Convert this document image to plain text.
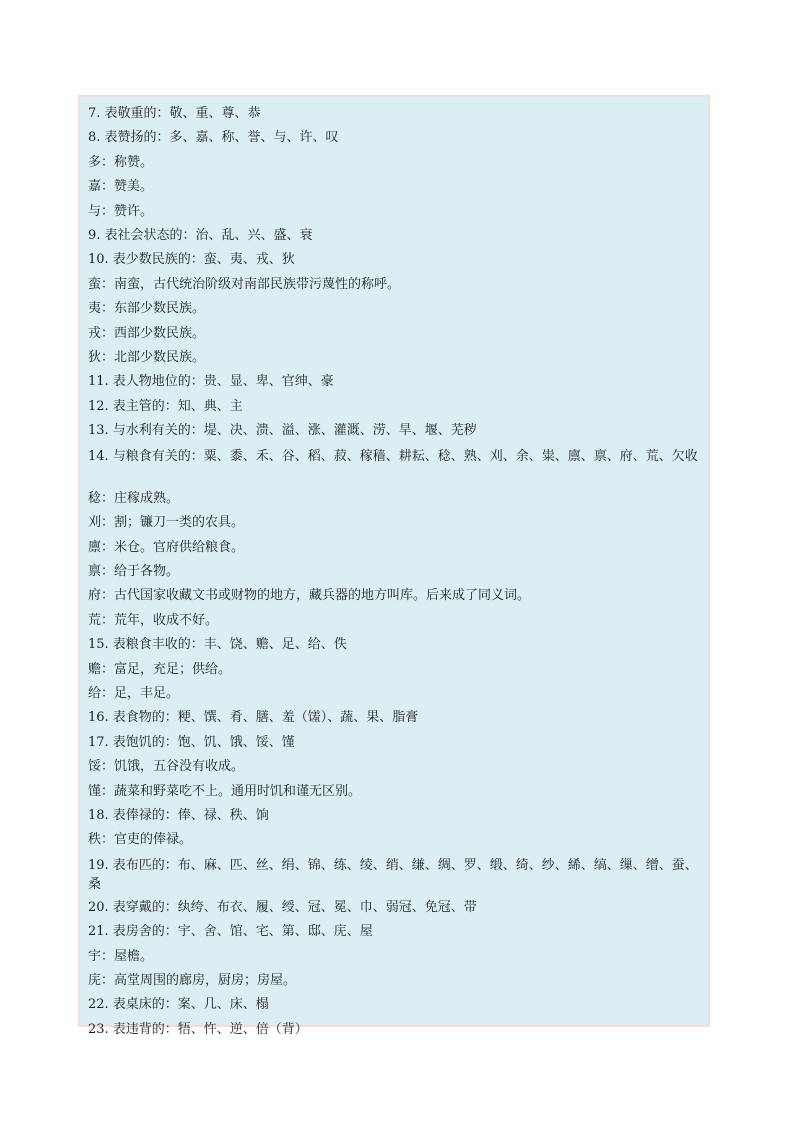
7. 表敬重的：敬、重、尊、恭
8. 表赞扬的：多、嘉、称、誉、与、许、叹
多：称赞。
嘉：赞美。
与：赞许。
9. 表社会状态的：治、乱、兴、盛、衰
10. 表少数民族的：蛮、夷、戎、狄
蛮：南蛮，古代统治阶级对南部民族带污蔑性的称呼。
夷：东部少数民族。
戎：西部少数民族。
狄：北部少数民族。
11. 表人物地位的：贵、显、卑、官绅、豪
12. 表主管的：知、典、主
13. 与水利有关的：堤、决、溃、溢、涨、灌溉、涝、旱、堰、芜秽
14. 与粮食有关的：粟、黍、禾、谷、稻、菽、稼穑、耕耘、稔、熟、刈、余、粜、廪、禀、府、荒、欠收
稔：庄稼成熟。
刈：割；镰刀一类的农具。
廪：米仓。官府供给粮食。
禀：给于各物。
府：古代国家收藏文书或财物的地方，藏兵器的地方叫库。后来成了同义词。
荒：荒年，收成不好。
15. 表粮食丰收的：丰、饶、赡、足、给、佚
赡：富足，充足；供给。
给：足，丰足。
16. 表食物的：粳、馔、肴、膳、羞（馐）、蔬、果、脂膏
17. 表饱饥的：饱、饥、饿、馁、馑
馁：饥饿，五谷没有收成。
馑：蔬菜和野菜吃不上。通用时饥和谨无区别。
18. 表俸禄的：俸、禄、秩、饷
秩：官吏的俸禄。
19. 表布匹的：布、麻、匹、丝、绢、锦、练、绫、绡、缣、绸、罗、缎、绮、纱、絺、缟、缫、缯、蚕、桑
20. 表穿戴的：纨绔、布衣、履、绶、冠、冕、巾、弱冠、免冠、带
21. 表房舍的：宇、舍、馆、宅、第、邸、庑、屋
宇：屋檐。
庑：高堂周围的廊房，厨房；房屋。
22. 表桌床的：案、几、床、榻
23. 表违背的：牾、忤、逆、倍（背）
